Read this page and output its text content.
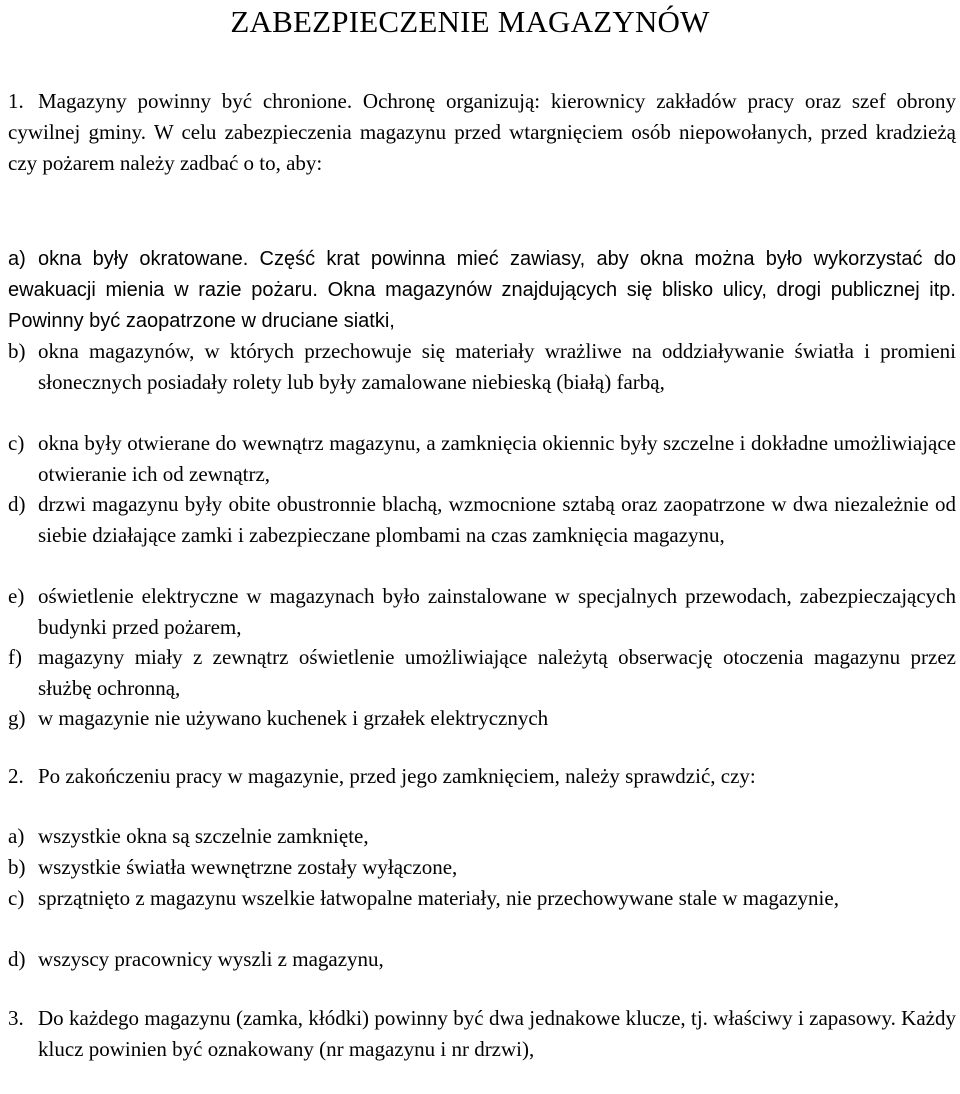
ZABEZPIECZENIE MAGAZYNÓW
1. Magazyny powinny być chronione. Ochronę organizują: kierownicy zakładów pracy oraz szef obrony cywilnej gminy. W celu zabezpieczenia magazynu przed wtargnięciem osób niepowołanych, przed kradzieżą czy pożarem należy zadbać o to, aby:
a) okna były okratowane. Część krat powinna mieć zawiasy, aby okna można było wykorzystać do ewakuacji mienia w razie pożaru. Okna magazynów znajdujących się blisko ulicy, drogi publicznej itp. Powinny być zaopatrzone w druciane siatki,
b) okna magazynów, w których przechowuje się materiały wrażliwe na oddziaływanie światła i promieni słonecznych posiadały rolety lub były zamalowane niebieską (białą) farbą,
c) okna były otwierane do wewnątrz magazynu, a zamknięcia okiennic były szczelne i dokładne umożliwiające otwieranie ich od zewnątrz,
d) drzwi magazynu były obite obustronnie blachą, wzmocnione sztabą oraz zaopatrzone w dwa niezależnie od siebie działające zamki i zabezpieczane plombami na czas zamknięcia magazynu,
e) oświetlenie elektryczne w magazynach było zainstalowane w specjalnych przewodach, zabezpieczających budynki przed pożarem,
f) magazyny miały z zewnątrz oświetlenie umożliwiające należytą obserwację otoczenia magazynu przez służbę ochronną,
g) w magazynie nie używano kuchenek i grzałek elektrycznych
2. Po zakończeniu pracy w magazynie, przed jego zamknięciem, należy sprawdzić, czy:
a) wszystkie okna są szczelnie zamknięte,
b) wszystkie światła wewnętrzne zostały wyłączone,
c) sprzątnięto z magazynu wszelkie łatwopalne materiały, nie przechowywane stale w magazynie,
d) wszyscy pracownicy wyszli z magazynu,
3. Do każdego magazynu (zamka, kłódki) powinny być dwa jednakowe klucze, tj. właściwy i zapasowy. Każdy klucz powinien być oznakowany (nr magazynu i nr drzwi),
